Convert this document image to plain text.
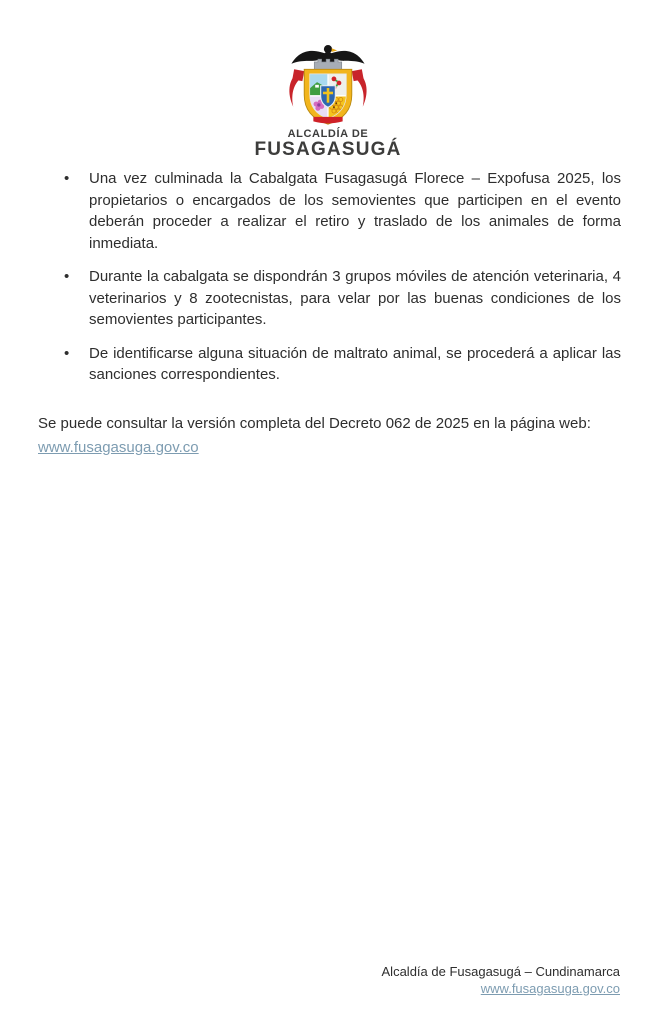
ALCALDÍA DE
FUSAGASUGÁ
•	Una vez culminada la Cabalgata Fusagasugá Florece – Expofusa 2025, los propietarios o encargados de los semovientes que participen en el evento deberán proceder a realizar el retiro y traslado de los animales de forma inmediata.
•	Durante la cabalgata se dispondrán 3 grupos móviles de atención veterinaria, 4 veterinarios y 8 zootecnistas, para velar por las buenas condiciones de los semovientes participantes.
•	De identificarse alguna situación de maltrato animal, se procederá a aplicar las sanciones correspondientes.
Se puede consultar la versión completa del Decreto 062 de 2025 en la página web:
www.fusagasuga.gov.co
Alcaldía de Fusagasugá – Cundinamarca
www.fusagasuga.gov.co
